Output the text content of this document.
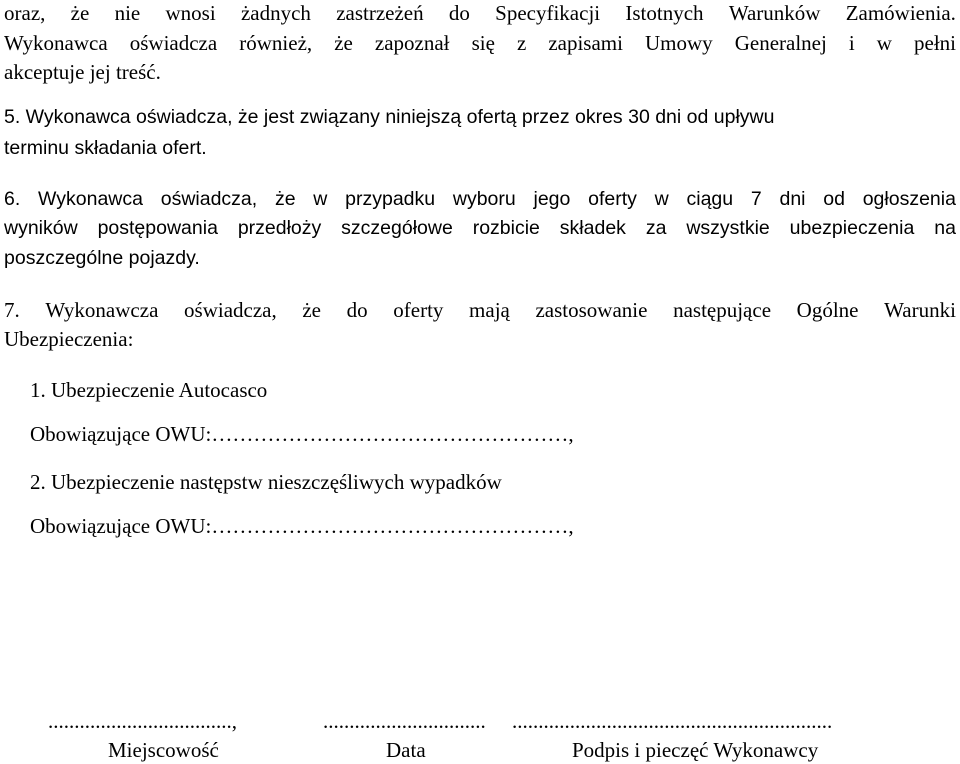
oraz, że nie wnosi żadnych zastrzeżeń do Specyfikacji Istotnych Warunków Zamówienia.
Wykonawca oświadcza również, że zapoznał się z zapisami Umowy Generalnej i w pełni
akceptuje jej treść.
5. Wykonawca oświadcza, że jest związany niniejszą ofertą przez okres 30 dni od upływu
terminu składania ofert.
6. Wykonawca oświadcza, że w przypadku wyboru jego oferty w ciągu 7 dni od ogłoszenia
wyników postępowania przedłoży szczegółowe rozbicie składek za wszystkie ubezpieczenia na
poszczególne pojazdy.
7. Wykonawcza oświadcza, że do oferty mają zastosowanie następujące Ogólne Warunki
Ubezpieczenia:
1. Ubezpieczenie Autocasco
Obowiązujące OWU:……………………………………………,
2. Ubezpieczenie następstw nieszczęśliwych wypadków
Obowiązujące OWU:……………………………………………,
...................................,	............................... .............................................................
Miejscowość	Data	Podpis i pieczęć Wykonawcy
